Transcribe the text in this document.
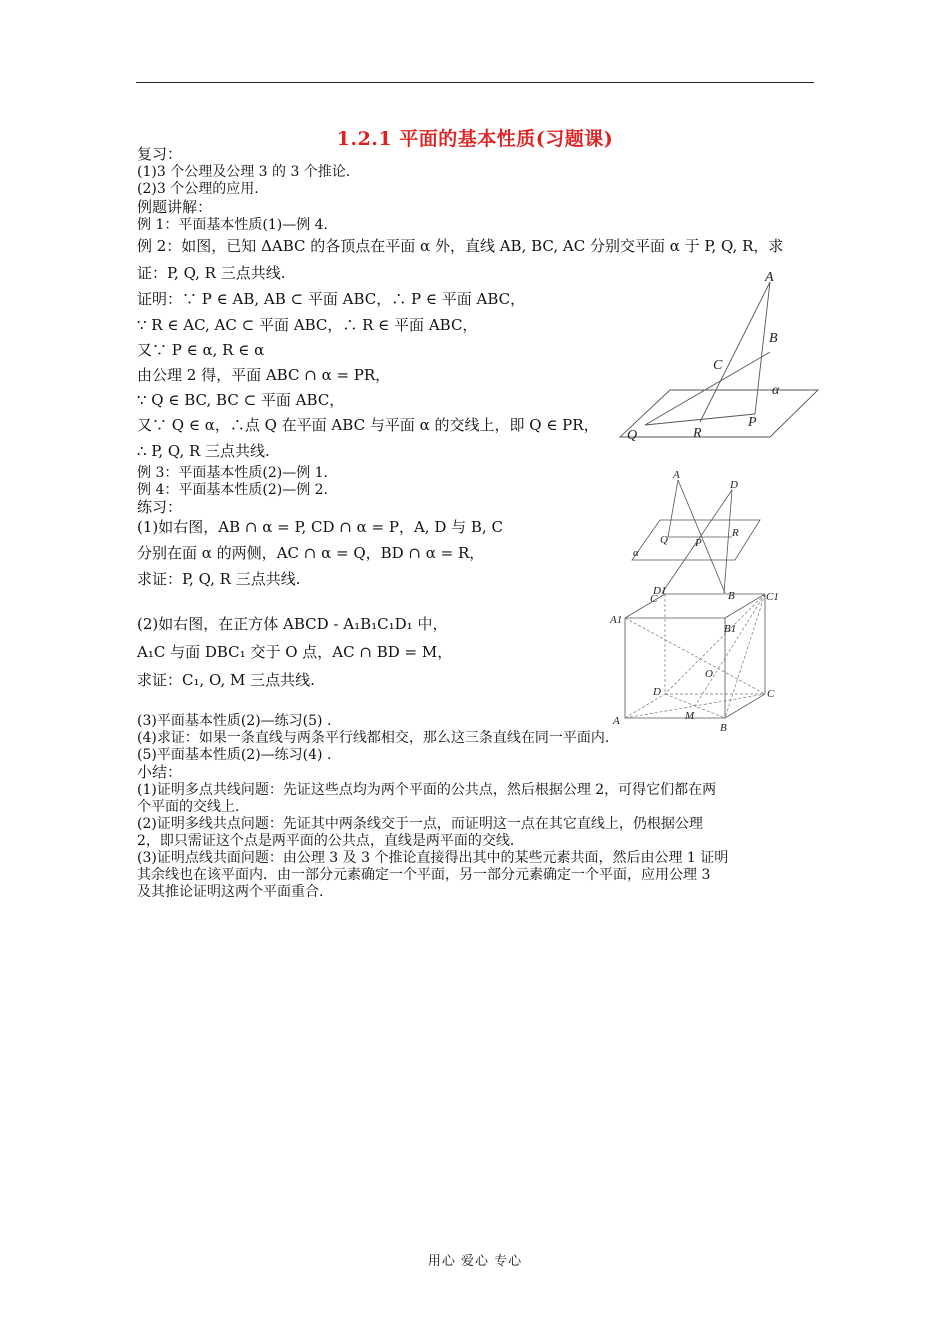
1.2.1 平面的基本性质(习题课)
复习：
(1)3 个公理及公理 3 的 3 个推论.
(2)3 个公理的应用.
例题讲解：
例 1：平面基本性质(1)—例 4.
例 2：如图，已知 ΔABC 的各顶点在平面 α 外，直线 AB, BC, AC 分别交平面 α 于 P, Q, R，求
证：P, Q, R 三点共线.
证明：∵ P ∈ AB, AB ⊂ 平面 ABC，∴ P ∈ 平面 ABC，
∵ R ∈ AC, AC ⊂ 平面 ABC，∴ R ∈ 平面 ABC，
又∵ P ∈ α, R ∈ α
由公理 2 得，平面 ABC ∩ α = PR，
∵ Q ∈ BC, BC ⊂ 平面 ABC，
又∵ Q ∈ α，∴点 Q 在平面 ABC 与平面 α 的交线上，即 Q ∈ PR，
∴ P, Q, R 三点共线.
例 3：平面基本性质(2)—例 1.
例 4：平面基本性质(2)—例 2.
练习：
(1)如右图，AB ∩ α = P, CD ∩ α = P，A, D 与 B, C
分别在面 α 的两侧，AC ∩ α = Q，BD ∩ α = R，
求证：P, Q, R 三点共线.
(2)如右图，在正方体 ABCD - A₁B₁C₁D₁ 中，
A₁C 与面 DBC₁ 交于 O 点，AC ∩ BD = M，
求证：C₁, O, M 三点共线.
(3)平面基本性质(2)—练习(5) .
(4)求证：如果一条直线与两条平行线都相交，那么这三条直线在同一平面内.
(5)平面基本性质(2)—练习(4) .
小结：
(1)证明多点共线问题：先证这些点均为两个平面的公共点，然后根据公理 2，可得它们都在两
个平面的交线上.
(2)证明多线共点问题：先证其中两条线交于一点，而证明这一点在其它直线上，仍根据公理
2，即只需证这个点是两平面的公共点，直线是两平面的交线.
(3)证明点线共面问题：由公理 3 及 3 个推论直接得出其中的某些元素共面，然后由公理 1 证明
其余线也在该平面内．由一部分元素确定一个平面，另一部分元素确定一个平面，应用公理 3
及其推论证明这两个平面重合.
A
B
C
α
P
Q	R
A
D
Q P
R
α
C	B
D1	C1
A1
B1
O
D	C
A	M
B
用心 爱心 专心
